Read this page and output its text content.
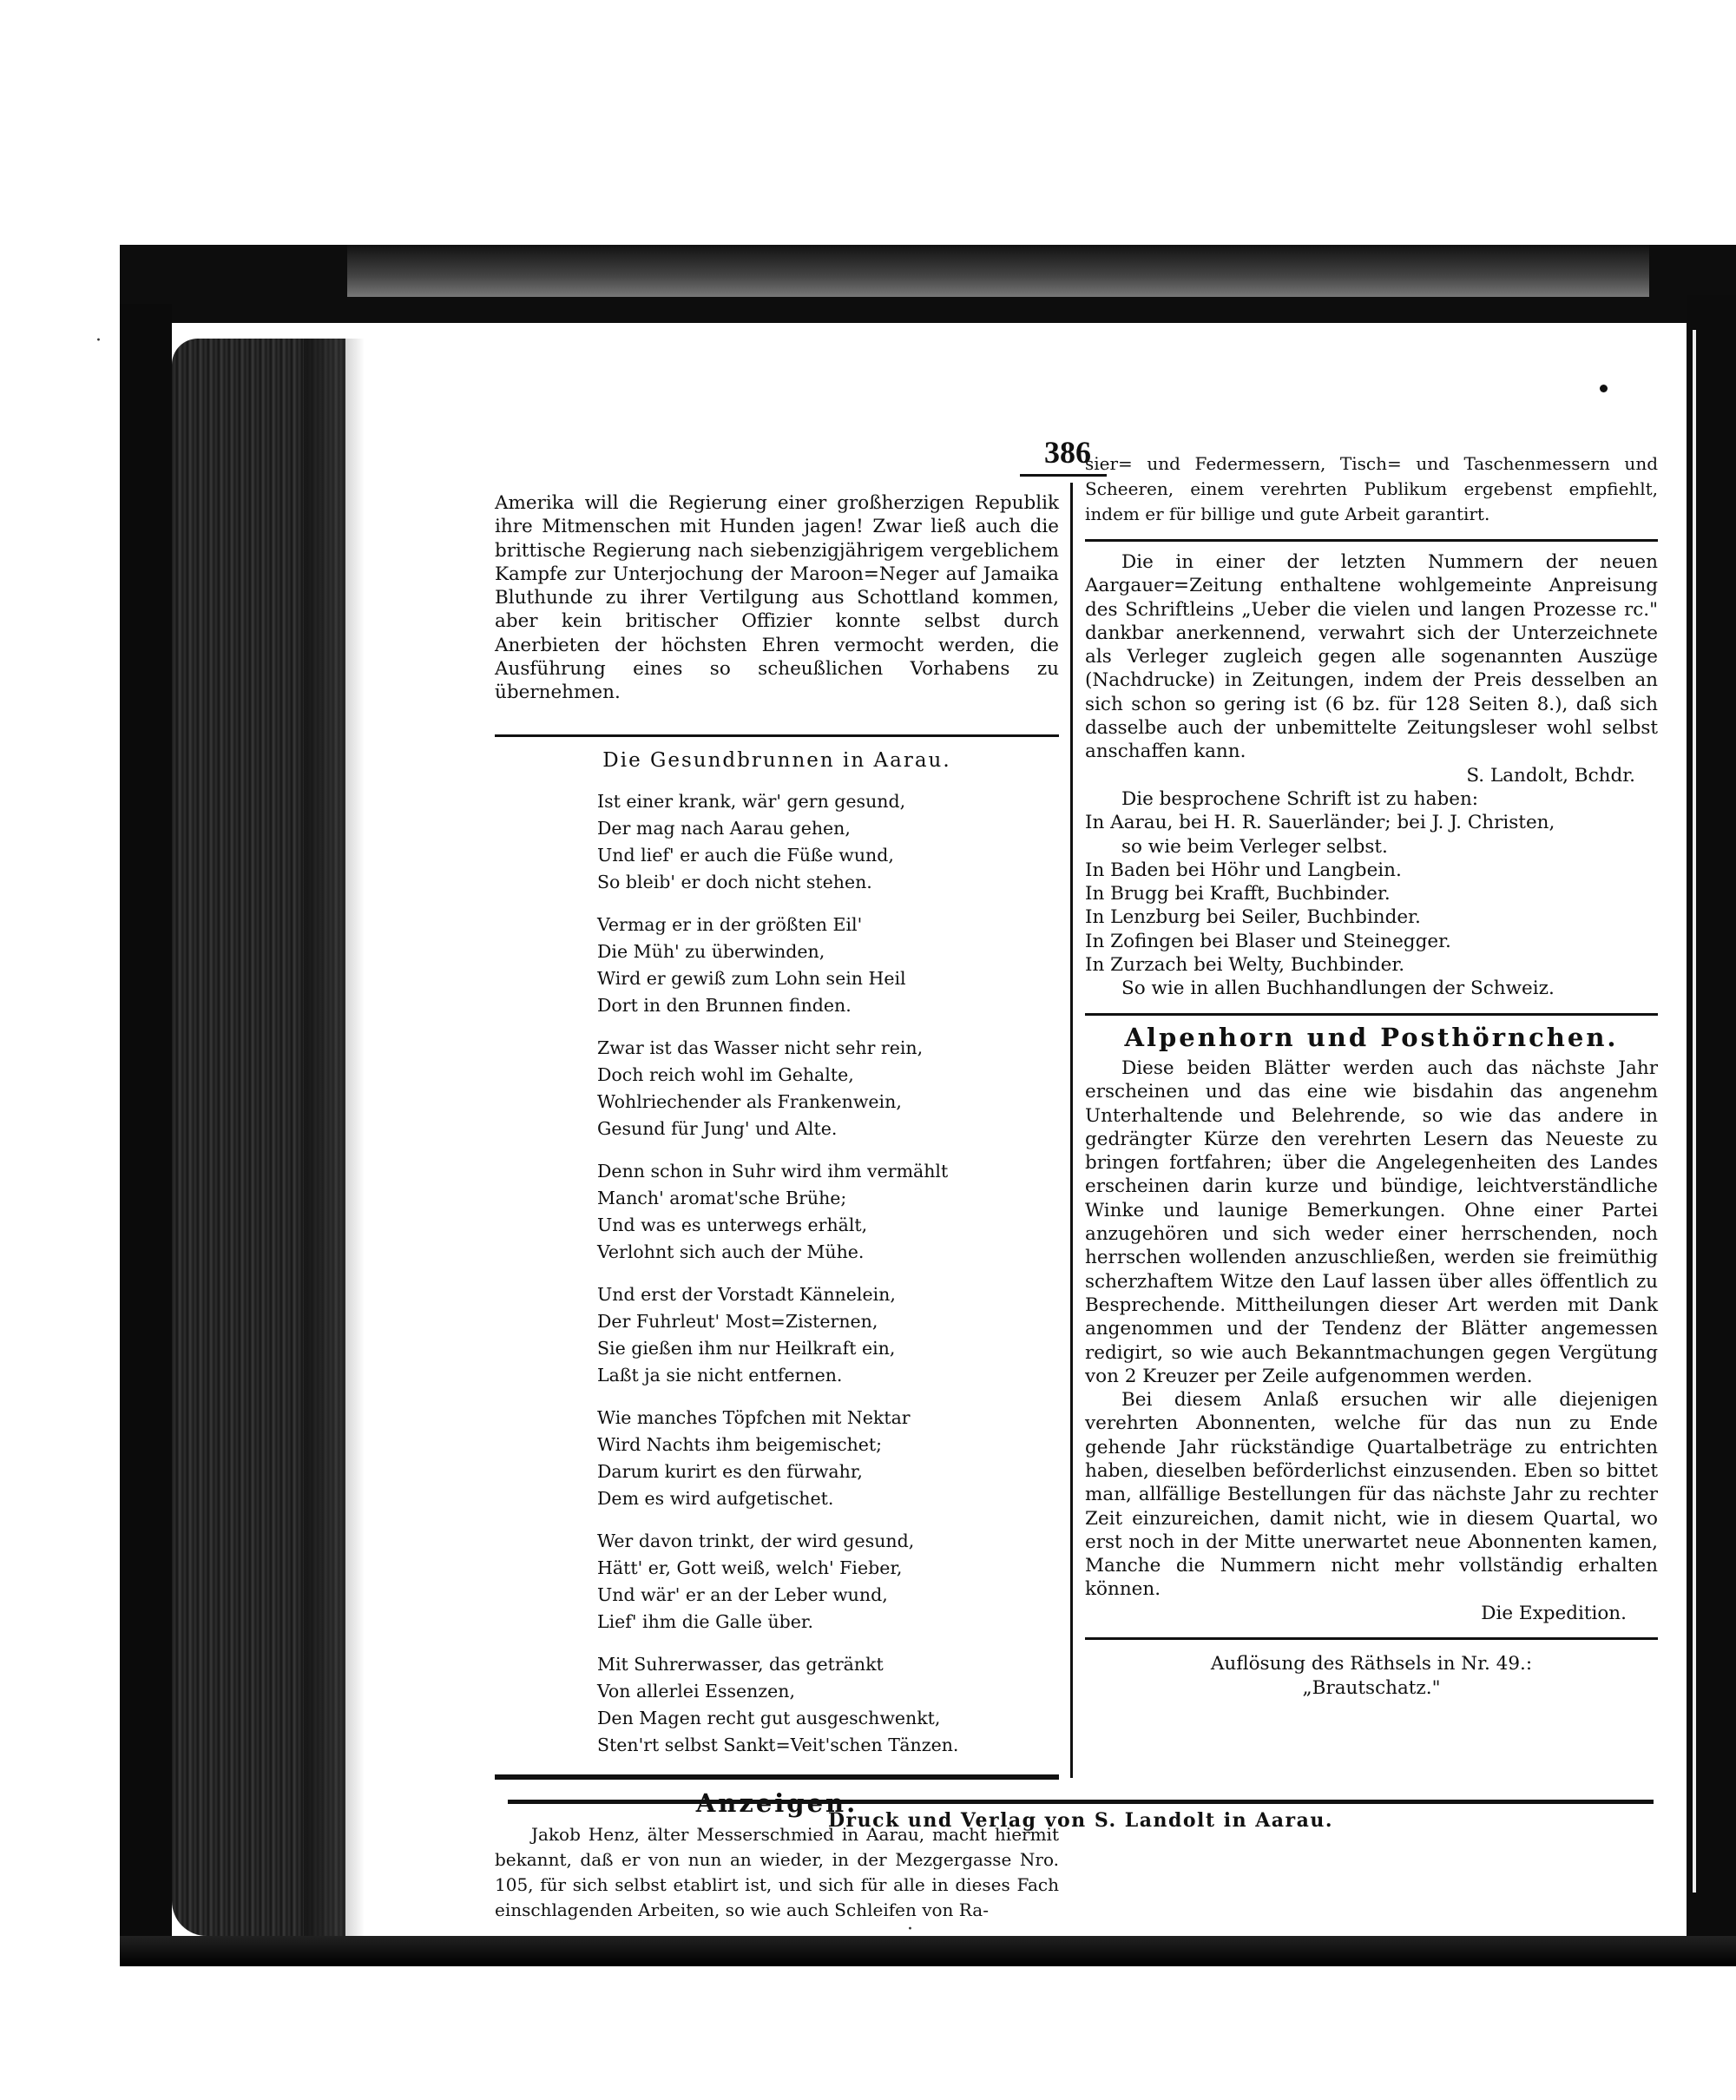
·
·
386

Amerika will die Regierung einer großherzigen Republik ihre Mitmenschen mit Hunden jagen! Zwar ließ auch die brittische Regierung nach siebenzigjährigem vergeblichem Kampfe zur Unterjochung der Maroon=Neger auf Jamaika Bluthunde zu ihrer Vertilgung aus Schottland kommen, aber kein britischer Offizier konnte selbst durch Anerbieten der höchsten Ehren vermocht werden, die Ausführung eines so scheußlichen Vorhabens zu übernehmen.

Die Gesundbrunnen in Aarau.
Ist einer krank, wär' gern gesund,
Der mag nach Aarau gehen,
Und lief' er auch die Füße wund,
So bleib' er doch nicht stehen.
Vermag er in der größten Eil'
Die Müh' zu überwinden,
Wird er gewiß zum Lohn sein Heil
Dort in den Brunnen finden.
Zwar ist das Wasser nicht sehr rein,
Doch reich wohl im Gehalte,
Wohlriechender als Frankenwein,
Gesund für Jung' und Alte.
Denn schon in Suhr wird ihm vermählt
Manch' aromat'sche Brühe;
Und was es unterwegs erhält,
Verlohnt sich auch der Mühe.
Und erst der Vorstadt Kännelein,
Der Fuhrleut' Most=Zisternen,
Sie gießen ihm nur Heilkraft ein,
Laßt ja sie nicht entfernen.
Wie manches Töpfchen mit Nektar
Wird Nachts ihm beigemischet;
Darum kurirt es den fürwahr,
Dem es wird aufgetischet.
Wer davon trinkt, der wird gesund,
Hätt' er, Gott weiß, welch' Fieber,
Und wär' er an der Leber wund,
Lief' ihm die Galle über.
Mit Suhrerwasser, das getränkt
Von allerlei Essenzen,
Den Magen recht gut ausgeschwenkt,
Sten'rt selbst Sankt=Veit'schen Tänzen.

Jakob Henz, älter Messerschmied in Aarau, macht hiermit bekannt, daß er von nun an wieder, in der Mezgergasse Nro. 105, für sich selbst etablirt ist, und sich für alle in dieses Fach einschlagenden Arbeiten, so wie auch Schleifen von Ra-

sier= und Federmessern, Tisch= und Taschenmessern und Scheeren, einem verehrten Publikum ergebenst empfiehlt, indem er für billige und gute Arbeit garantirt.

Die in einer der letzten Nummern der neuen Aargauer=Zeitung enthaltene wohlgemeinte Anpreisung des Schriftleins „Ueber die vielen und langen Prozesse rc." dankbar anerkennend, verwahrt sich der Unterzeichnete als Verleger zugleich gegen alle sogenannten Auszüge (Nachdrucke) in Zeitungen, indem der Preis desselben an sich schon so gering ist (6 bz. für 128 Seiten 8.), daß sich dasselbe auch der unbemittelte Zeitungsleser wohl selbst anschaffen kann.

S. Landolt, Bchdr.
Die besprochene Schrift ist zu haben:
In Aarau, bei H. R. Sauerländer; bei J. J. Christen,
so wie beim Verleger selbst.
In Baden bei Höhr und Langbein.
In Brugg bei Krafft, Buchbinder.
In Lenzburg bei Seiler, Buchbinder.
In Zofingen bei Blaser und Steinegger.
In Zurzach bei Welty, Buchbinder.
So wie in allen Buchhandlungen der Schweiz.
Alpenhorn und Posthörnchen.

Diese beiden Blätter werden auch das nächste Jahr erscheinen und das eine wie bisdahin das angenehm Unterhaltende und Belehrende, so wie das andere in gedrängter Kürze den verehrten Lesern das Neueste zu bringen fortfahren; über die Angelegenheiten des Landes erscheinen darin kurze und bündige, leichtverständliche Winke und launige Bemerkungen. Ohne einer Partei anzugehören und sich weder einer herrschenden, noch herrschen wollenden anzuschließen, werden sie freimüthig scherzhaftem Witze den Lauf lassen über alles öffentlich zu Besprechende. Mittheilungen dieser Art werden mit Dank angenommen und der Tendenz der Blätter angemessen redigirt, so wie auch Bekanntmachungen gegen Vergütung von 2 Kreuzer per Zeile aufgenommen werden.

Bei diesem Anlaß ersuchen wir alle diejenigen verehrten Abonnenten, welche für das nun zu Ende gehende Jahr rückständige Quartalbeträge zu entrichten haben, dieselben beförderlichst einzusenden. Eben so bittet man, allfällige Bestellungen für das nächste Jahr zu rechter Zeit einzureichen, damit nicht, wie in diesem Quartal, wo erst noch in der Mitte unerwartet neue Abonnenten kamen, Manche die Nummern nicht mehr vollständig erhalten können.

Die Expedition.
Auflösung des Räthsels in Nr. 49.:
„Brautschatz."
Druck und Verlag von S. Landolt in Aarau.
